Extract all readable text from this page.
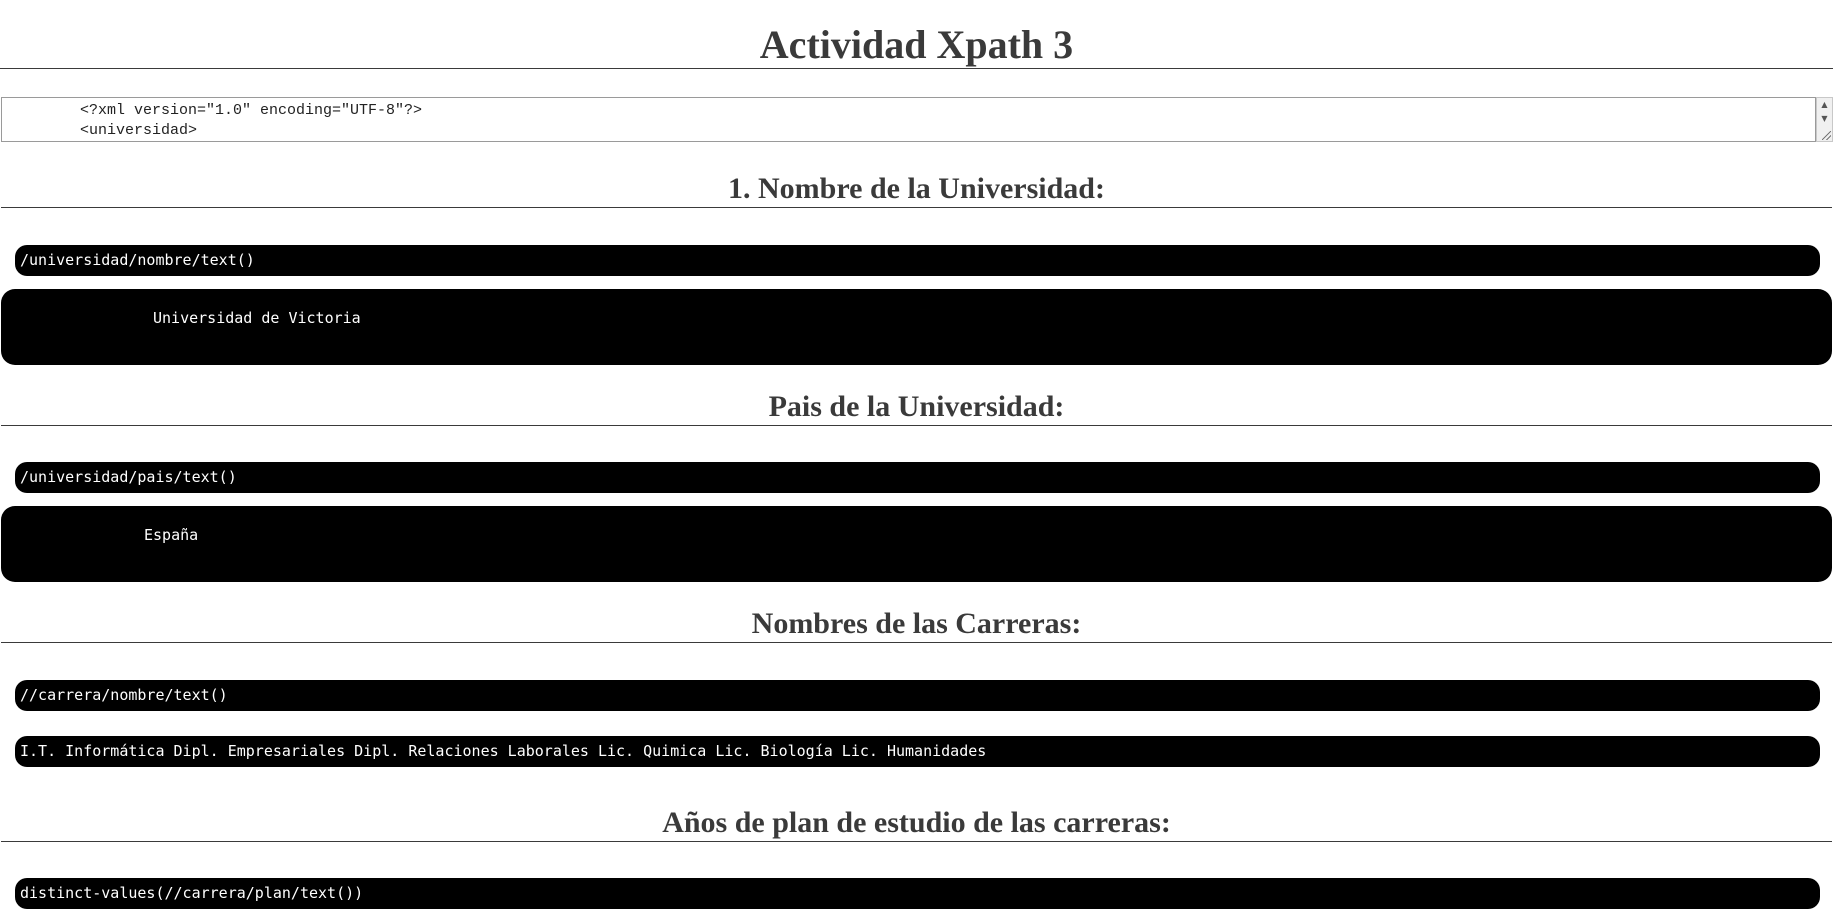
Actividad Xpath 3
<?xml version="1.0" encoding="UTF-8"?>
<universidad>
▲
▼
1. Nombre de la Universidad:
/universidad/nombre/text()
Universidad de Victoria
Pais de la Universidad:
/universidad/pais/text()
España
Nombres de las Carreras:
//carrera/nombre/text()
I.T. Informática Dipl. Empresariales Dipl. Relaciones Laborales Lic. Quimica Lic. Biología Lic. Humanidades
Años de plan de estudio de las carreras:
distinct-values(//carrera/plan/text())
